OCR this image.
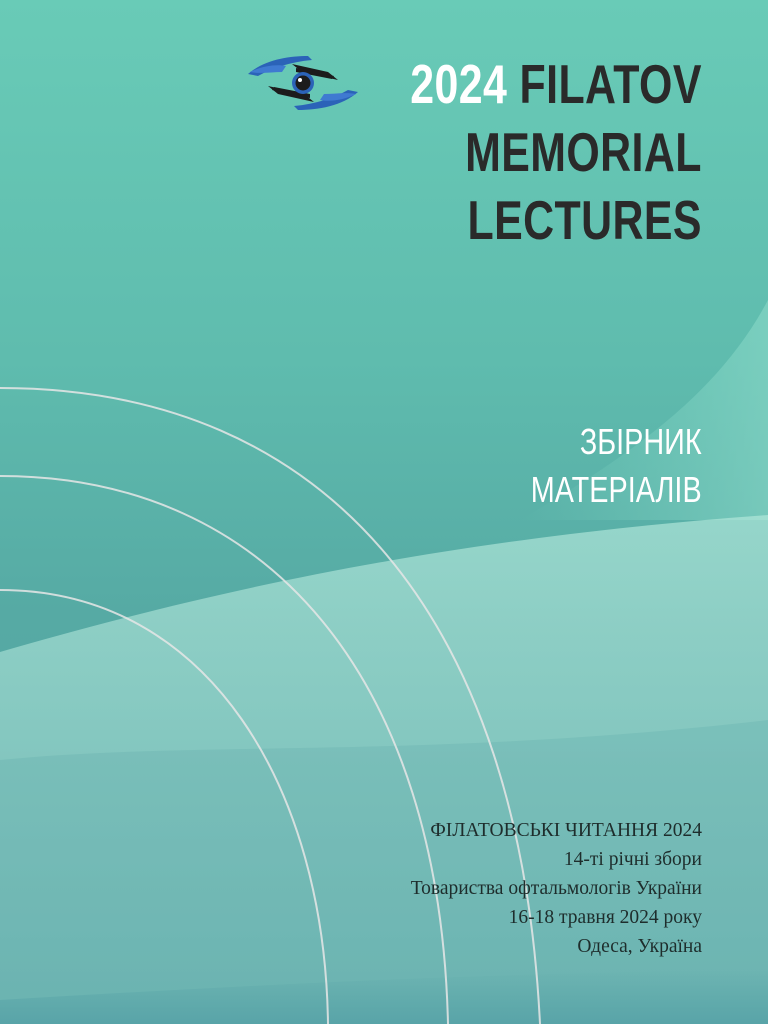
2024 FILATOV
MEMORIAL
LECTURES
ЗБІРНИК
МАТЕРІАЛІВ
ФІЛАТОВСЬКІ ЧИТАННЯ 2024
14-ті річні збори
Товариства офтальмологів України
16-18 травня 2024 року
Одеса, Україна
